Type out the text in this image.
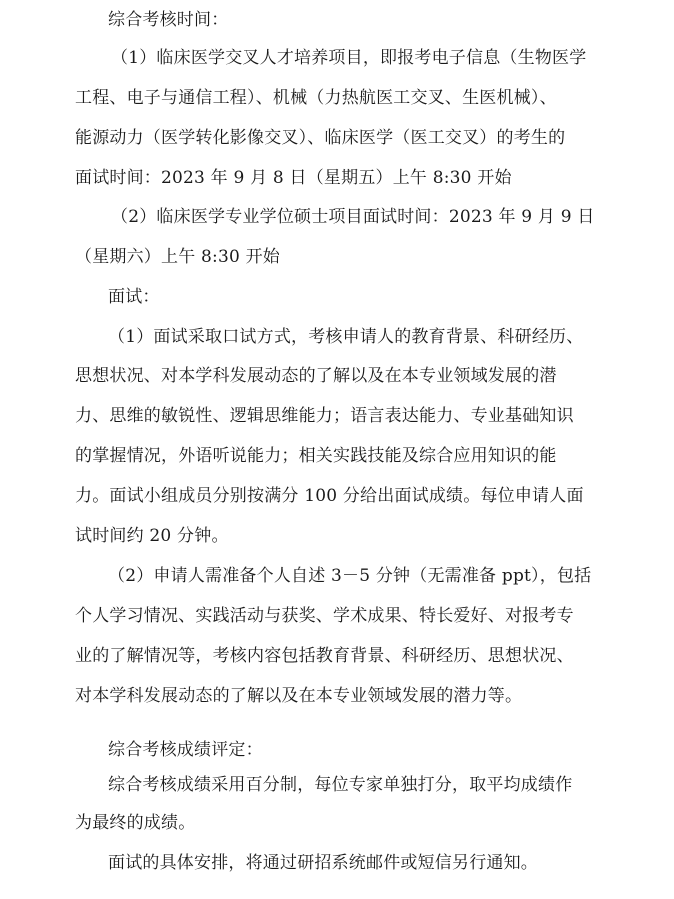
综合考核时间：
（1）临床医学交叉人才培养项目，即报考电子信息（生物医学
工程、电子与通信工程）、机械（力热航医工交叉、生医机械）、
能源动力（医学转化影像交叉）、临床医学（医工交叉）的考生的
面试时间：2023 年 9 月 8 日（星期五）上午 8:30 开始
（2）临床医学专业学位硕士项目面试时间：2023 年 9 月 9 日
（星期六）上午 8:30 开始
面试：
（1）面试采取口试方式，考核申请人的教育背景、科研经历、
思想状况、对本学科发展动态的了解以及在本专业领域发展的潜
力、思维的敏锐性、逻辑思维能力；语言表达能力、专业基础知识
的掌握情况，外语听说能力；相关实践技能及综合应用知识的能
力。面试小组成员分别按满分 100 分给出面试成绩。每位申请人面
试时间约 20 分钟。
（2）申请人需准备个人自述 3－5 分钟（无需准备 ppt），包括
个人学习情况、实践活动与获奖、学术成果、特长爱好、对报考专
业的了解情况等，考核内容包括教育背景、科研经历、思想状况、
对本学科发展动态的了解以及在本专业领域发展的潜力等。
综合考核成绩评定：
综合考核成绩采用百分制，每位专家单独打分，取平均成绩作
为最终的成绩。
面试的具体安排，将通过研招系统邮件或短信另行通知。
